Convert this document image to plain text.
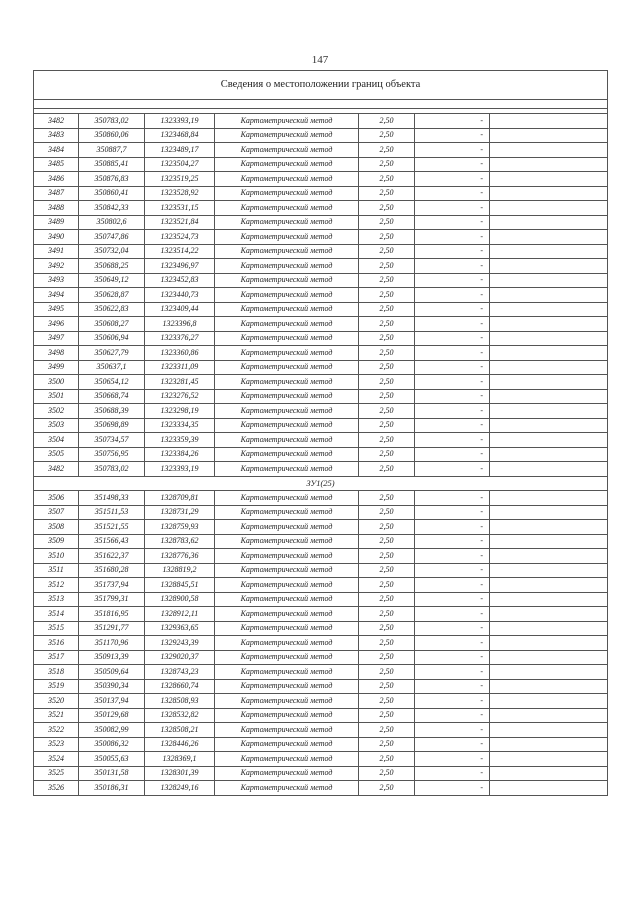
147
Сведения о местоположении границ объекта						

3482	350783,02	1323393,19	Картометрический метод	2,50	-	
3483	350860,06	1323468,84	Картометрический метод	2,50	-	
3484	350887,7	1323489,17	Картометрический метод	2,50	-	
3485	350885,41	1323504,27	Картометрический метод	2,50	-	
3486	350876,83	1323519,25	Картометрический метод	2,50	-	
3487	350860,41	1323528,92	Картометрический метод	2,50	-	
3488	350842,33	1323531,15	Картометрический метод	2,50	-	
3489	350802,6	1323521,84	Картометрический метод	2,50	-	
3490	350747,86	1323524,73	Картометрический метод	2,50	-	
3491	350732,04	1323514,22	Картометрический метод	2,50	-	
3492	350688,25	1323496,97	Картометрический метод	2,50	-	
3493	350649,12	1323452,83	Картометрический метод	2,50	-	
3494	350628,87	1323440,73	Картометрический метод	2,50	-	
3495	350622,83	1323409,44	Картометрический метод	2,50	-	
3496	350608,27	1323396,8	Картометрический метод	2,50	-	
3497	350606,94	1323376,27	Картометрический метод	2,50	-	
3498	350627,79	1323360,86	Картометрический метод	2,50	-	
3499	350637,1	1323311,09	Картометрический метод	2,50	-	
3500	350654,12	1323281,45	Картометрический метод	2,50	-	
3501	350668,74	1323276,52	Картометрический метод	2,50	-	
3502	350688,39	1323298,19	Картометрический метод	2,50	-	
3503	350698,89	1323334,35	Картометрический метод	2,50	-	
3504	350734,57	1323359,39	Картометрический метод	2,50	-	
3505	350756,95	1323384,26	Картометрический метод	2,50	-	
3482	350783,02	1323393,19	Картометрический метод	2,50	-	
ЗУ1(25)						
3506	351498,33	1328709,81	Картометрический метод	2,50	-	
3507	351511,53	1328731,29	Картометрический метод	2,50	-	
3508	351521,55	1328759,93	Картометрический метод	2,50	-	
3509	351566,43	1328783,62	Картометрический метод	2,50	-	
3510	351622,37	1328776,36	Картометрический метод	2,50	-	
3511	351680,28	1328819,2	Картометрический метод	2,50	-	
3512	351737,94	1328845,51	Картометрический метод	2,50	-	
3513	351799,31	1328900,58	Картометрический метод	2,50	-	
3514	351816,95	1328912,11	Картометрический метод	2,50	-	
3515	351291,77	1329363,65	Картометрический метод	2,50	-	
3516	351170,96	1329243,39	Картометрический метод	2,50	-	
3517	350913,39	1329020,37	Картометрический метод	2,50	-	
3518	350509,64	1328743,23	Картометрический метод	2,50	-	
3519	350390,34	1328660,74	Картометрический метод	2,50	-	
3520	350137,94	1328508,93	Картометрический метод	2,50	-	
3521	350129,68	1328532,82	Картометрический метод	2,50	-	
3522	350082,99	1328508,21	Картометрический метод	2,50	-	
3523	350086,32	1328446,26	Картометрический метод	2,50	-	
3524	350055,63	1328369,1	Картометрический метод	2,50	-	
3525	350131,58	1328301,39	Картометрический метод	2,50	-	
3526	350186,31	1328249,16	Картометрический метод	2,50	-	
